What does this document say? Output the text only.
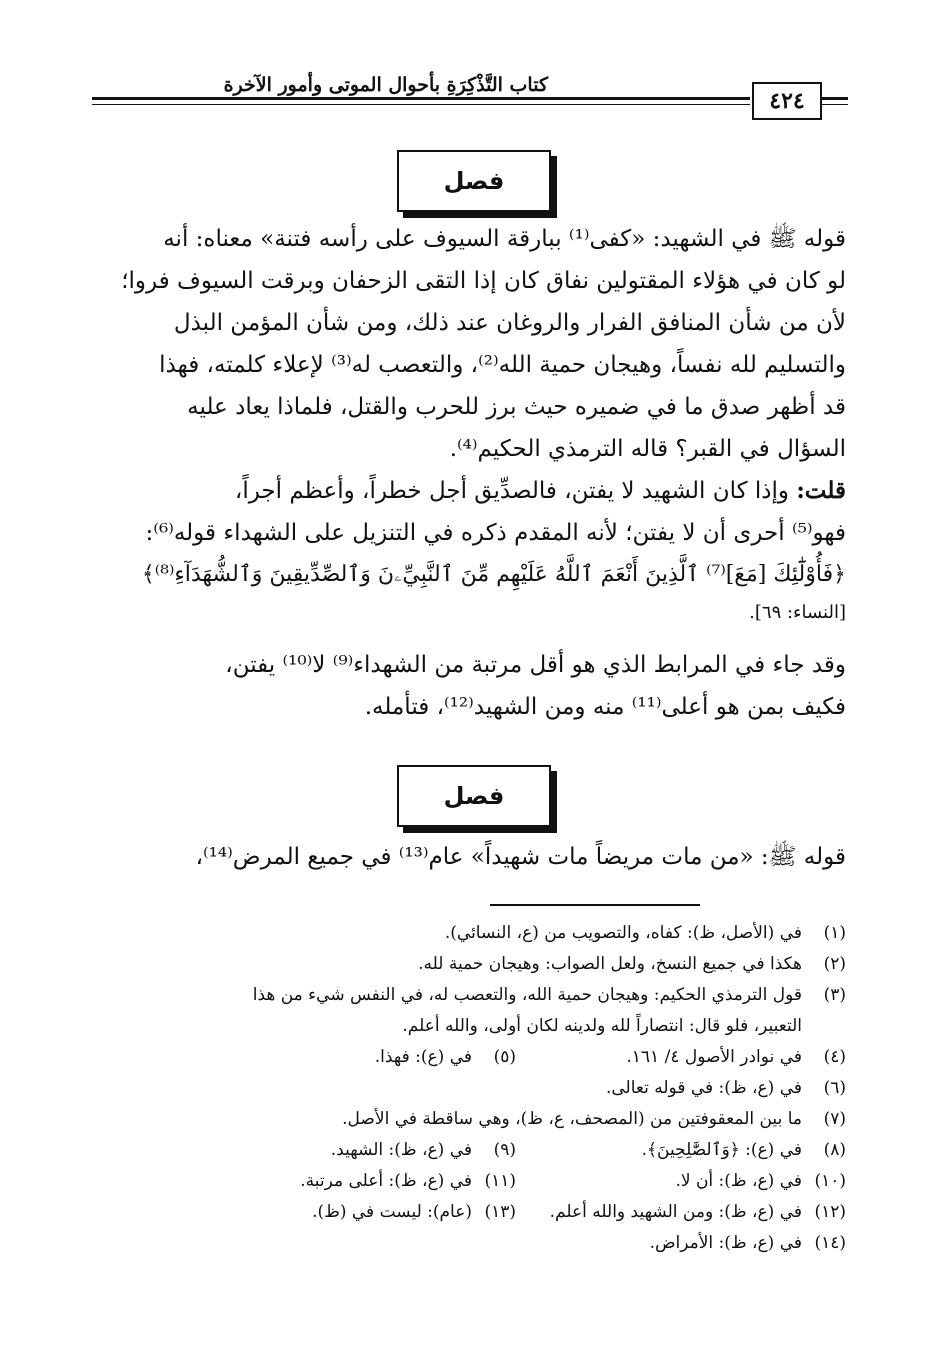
كتاب التَّذْكِرَةِ بأحوال الموتى وأمور الآخرة
٤٢٤
فصل

قوله ﷺ في الشهيد: «كفى⁽¹⁾ ببارقة السيوف على رأسه فتنة» معناه: أنه

لو كان في هؤلاء المقتولين نفاق كان إذا التقى الزحفان وبرقت السيوف فروا؛

لأن من شأن المنافق الفرار والروغان عند ذلك، ومن شأن المؤمن البذل

والتسليم لله نفساً، وهيجان حمية الله⁽²⁾، والتعصب له⁽³⁾ لإعلاء كلمته، فهذا

قد أظهر صدق ما في ضميره حيث برز للحرب والقتل، فلماذا يعاد عليه

السؤال في القبر؟ قاله الترمذي الحكيم⁽⁴⁾.

قلت: وإذا كان الشهيد لا يفتن، فالصدِّيق أجل خطراً، وأعظم أجراً،

فهو⁽⁵⁾ أحرى أن لا يفتن؛ لأنه المقدم ذكره في التنزيل على الشهداء قوله⁽⁶⁾:

﴿فَأُوْلَٰٓئِكَ [مَعَ]⁽⁷⁾ ٱلَّذِينَ أَنْعَمَ ٱللَّهُ عَلَيْهِم مِّنَ ٱلنَّبِيِّۦنَ وَٱلصِّدِّيقِينَ وَٱلشُّهَدَآءِ⁽⁸⁾﴾

[النساء: ٦٩].

وقد جاء في المرابط الذي هو أقل مرتبة من الشهداء⁽⁹⁾ لا⁽¹⁰⁾ يفتن،

فكيف بمن هو أعلى⁽¹¹⁾ منه ومن الشهيد⁽¹²⁾، فتأمله.

فصل

قوله ﷺ: «من مات مريضاً مات شهيداً» عام⁽¹³⁾ في جميع المرض⁽¹⁴⁾،

(١)
في (الأصل، ظ): كفاه، والتصويب من (ع، النسائي).
(٢)
هكذا في جميع النسخ، ولعل الصواب: وهيجان حمية لله.
(٣)
قول الترمذي الحكيم: وهيجان حمية الله، والتعصب له، في النفس شيء من هذا
التعبير، فلو قال: انتصاراً لله ولدينه لكان أولى، والله أعلم.
(٤)
في نوادر الأصول ٤/ ١٦١.
(٥)
في (ع): فهذا.
(٦)
في (ع، ظ): في قوله تعالى.
(٧)
ما بين المعقوفتين من (المصحف، ع، ظ)، وهي ساقطة في الأصل.
(٨)
في (ع): ﴿وَٱلصَّٰلِحِينَ﴾.
(٩)
في (ع، ظ): الشهيد.
(١٠)
في (ع، ظ): أن لا.
(١١)
في (ع، ظ): أعلى مرتبة.
(١٢)
في (ع، ظ): ومن الشهيد والله أعلم.
(١٣)
(عام): ليست في (ظ).
(١٤)
في (ع، ظ): الأمراض.
